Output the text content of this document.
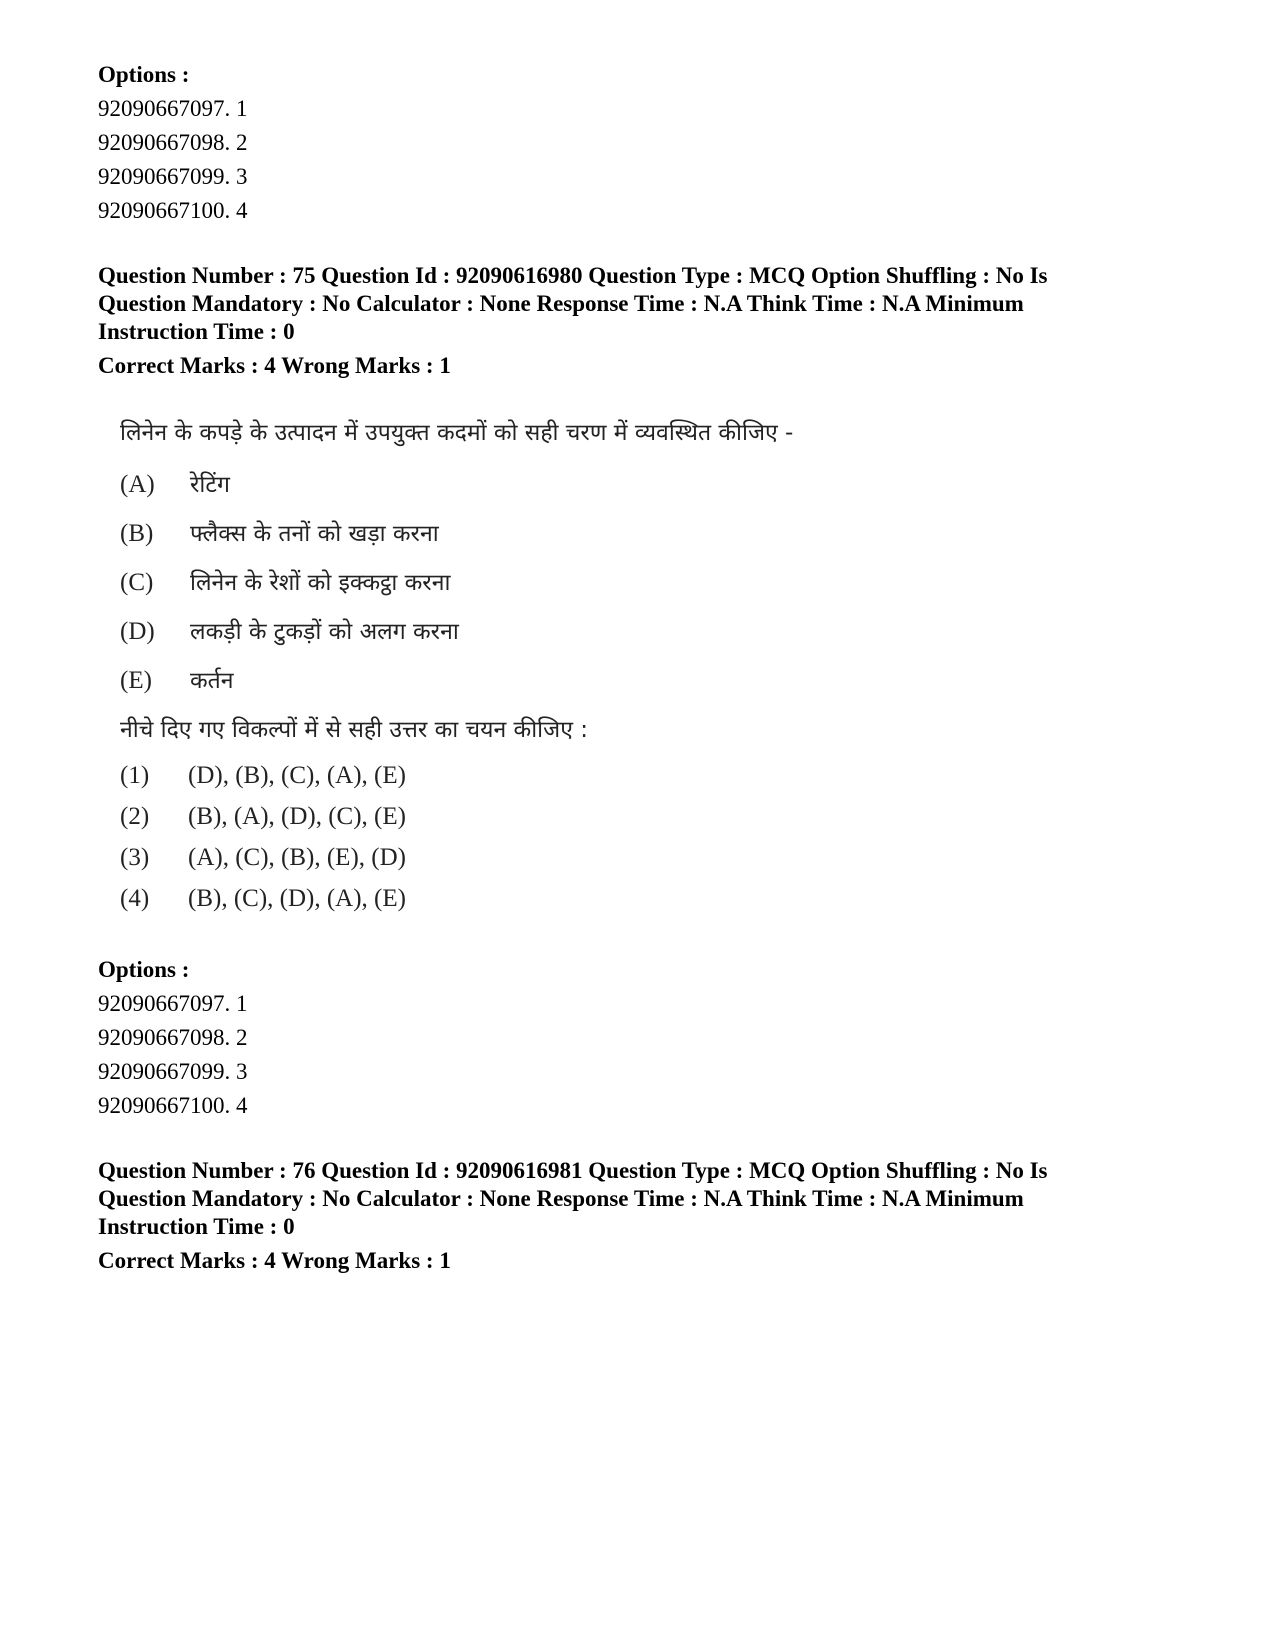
Options :

92090667097. 1

92090667098. 2

92090667099. 3

92090667100. 4

Question Number : 75 Question Id : 92090616980 Question Type : MCQ Option Shuffling : No Is

Question Mandatory : No Calculator : None Response Time : N.A Think Time : N.A Minimum

Instruction Time : 0

Correct Marks : 4 Wrong Marks : 1

लिनेन के कपड़े के उत्पादन में उपयुक्त कदमों को सही चरण में व्यवस्थित कीजिए -

(A)	रेटिंग
(B)	फ्लैक्स के तनों को खड़ा करना
(C)	लिनेन के रेशों को इक्कट्ठा करना
(D)	लकड़ी के टुकड़ों को अलग करना
(E)	कर्तन

नीचे दिए गए विकल्पों में से सही उत्तर का चयन कीजिए :

(1)	(D), (B), (C), (A), (E)
(2)	(B), (A), (D), (C), (E)
(3)	(A), (C), (B), (E), (D)
(4)	(B), (C), (D), (A), (E)

Options :

92090667097. 1

92090667098. 2

92090667099. 3

92090667100. 4

Question Number : 76 Question Id : 92090616981 Question Type : MCQ Option Shuffling : No Is

Question Mandatory : No Calculator : None Response Time : N.A Think Time : N.A Minimum

Instruction Time : 0

Correct Marks : 4 Wrong Marks : 1
